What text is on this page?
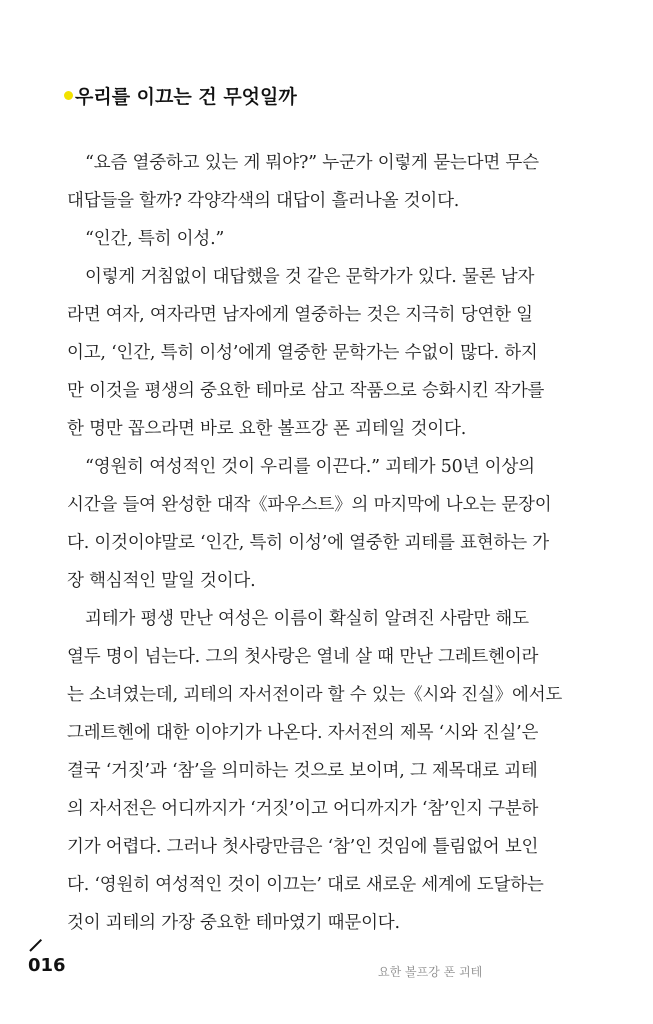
우리를 이끄는 건 무엇일까
“요즘 열중하고 있는 게 뭐야?” 누군가 이렇게 묻는다면 무슨
대답들을 할까? 각양각색의 대답이 흘러나올 것이다.
“인간, 특히 이성.”
이렇게 거침없이 대답했을 것 같은 문학가가 있다. 물론 남자
라면 여자, 여자라면 남자에게 열중하는 것은 지극히 당연한 일
이고, ‘인간, 특히 이성’에게 열중한 문학가는 수없이 많다. 하지
만 이것을 평생의 중요한 테마로 삼고 작품으로 승화시킨 작가를
한 명만 꼽으라면 바로 요한 볼프강 폰 괴테일 것이다.
“영원히 여성적인 것이 우리를 이끈다.” 괴테가 50년 이상의
시간을 들여 완성한 대작《파우스트》의 마지막에 나오는 문장이
다. 이것이야말로 ‘인간, 특히 이성’에 열중한 괴테를 표현하는 가
장 핵심적인 말일 것이다.
괴테가 평생 만난 여성은 이름이 확실히 알려진 사람만 해도
열두 명이 넘는다. 그의 첫사랑은 열네 살 때 만난 그레트헨이라
는 소녀였는데, 괴테의 자서전이라 할 수 있는《시와 진실》에서도
그레트헨에 대한 이야기가 나온다. 자서전의 제목 ‘시와 진실’은
결국 ‘거짓’과 ‘참’을 의미하는 것으로 보이며, 그 제목대로 괴테
의 자서전은 어디까지가 ‘거짓’이고 어디까지가 ‘참’인지 구분하
기가 어렵다. 그러나 첫사랑만큼은 ‘참’인 것임에 틀림없어 보인
다. ‘영원히 여성적인 것이 이끄는’ 대로 새로운 세계에 도달하는
것이 괴테의 가장 중요한 테마였기 때문이다.
016	요한 볼프강 폰 괴테
